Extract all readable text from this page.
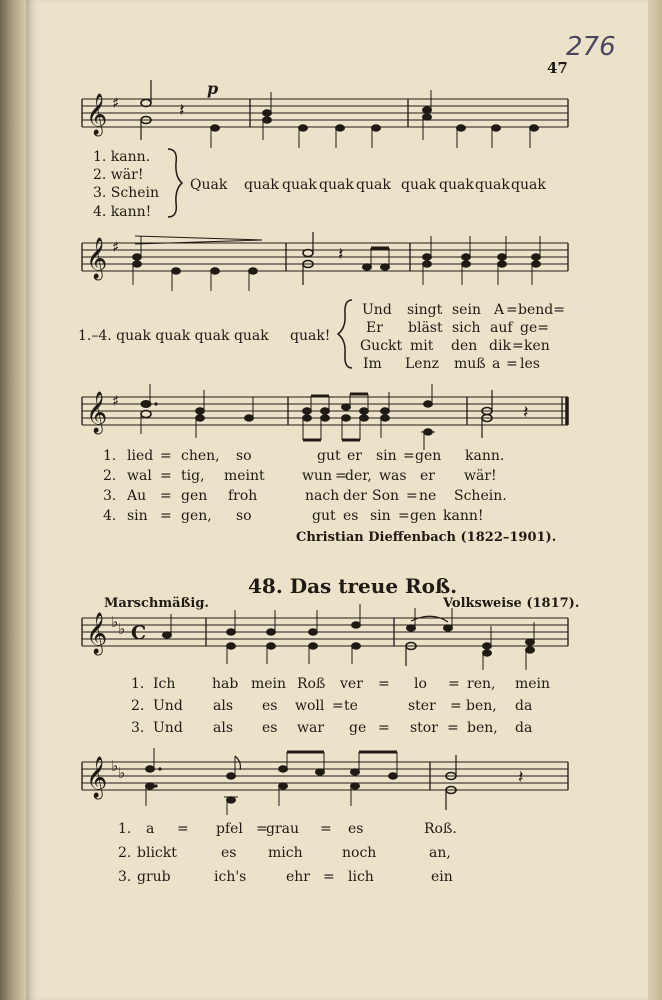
276
47
𝄞 ♯
p
𝄽
1. kann.
2. wär!
3. Schein
4. kann!
Quak quak quak quak quak quak quak quak quak
𝄞 ♯	𝄽
1.–4. quak quak quak quak quak!
Und singt sein A = bend=
Er bläst sich auf ge=
Guckt mit den dik = ken
Im Lenz muß a = les
𝄞 ♯
𝄽
1. lied = chen, so	gut er sin = gen kann.
2. wal = tig, meint	wun =
der, was er wär!
3. Au = gen froh	nach der Son = ne Schein.
4. sin = gen, so	gut es sin = gen kann!
Christian Dieffenbach (1822–1901).
48. Das treue Roß.
Marschmäßig.	Volksweise (1817).
𝄞 ♭ ♭ C
1. Ich	hab mein Roß ver = lo = ren, mein
2. Und als es woll = te	ster = ben, da
3. Und als es war ge = stor = ben, da
𝄞 ♭ ♭	𝄽
1. a = pfel =
grau = es	Roß.
2. blickt	es mich	noch	an,
3. grub	ich's	ehr = lich	ein
